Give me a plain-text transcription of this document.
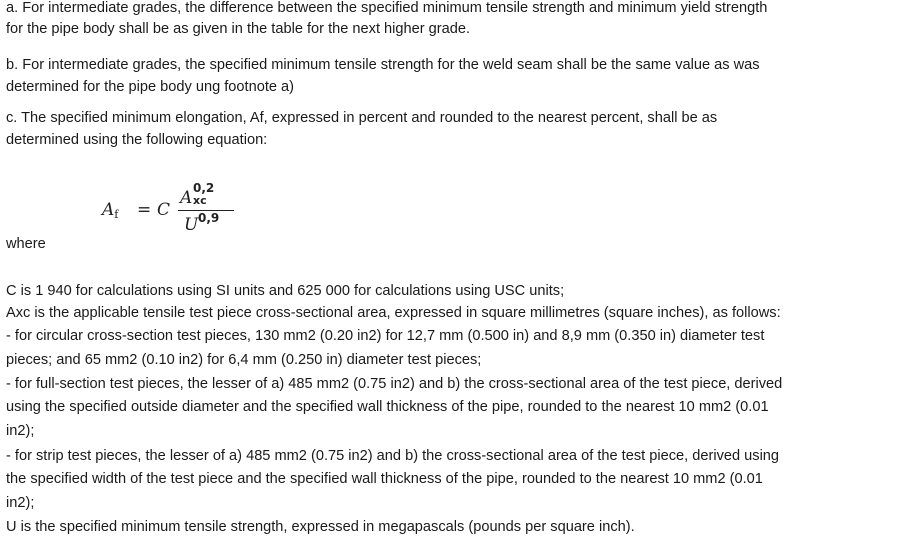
a. For intermediate grades, the difference between the specified minimum tensile strength and minimum yield strength
for the pipe body shall be as given in the table for the next higher grade.
b. For intermediate grades, the specified minimum tensile strength for the weld seam shall be the same value as was
determined for the pipe body ung footnote a)
c. The specified minimum elongation, Af, expressed in percent and rounded to the nearest percent, shall be as
determined using the following equation:
$A_f = C$
A 0,2
xc
U 0,9
where
C is 1 940 for calculations using SI units and 625 000 for calculations using USC units;
Axc is the applicable tensile test piece cross-sectional area, expressed in square millimetres (square inches), as follows:
- for circular cross-section test pieces, 130 mm2 (0.20 in2) for 12,7 mm (0.500 in) and 8,9 mm (0.350 in) diameter test
pieces; and 65 mm2 (0.10 in2) for 6,4 mm (0.250 in) diameter test pieces;
- for full-section test pieces, the lesser of a) 485 mm2 (0.75 in2) and b) the cross-sectional area of the test piece, derived
using the specified outside diameter and the specified wall thickness of the pipe, rounded to the nearest 10 mm2 (0.01
in2);
- for strip test pieces, the lesser of a) 485 mm2 (0.75 in2) and b) the cross-sectional area of the test piece, derived using
the specified width of the test piece and the specified wall thickness of the pipe, rounded to the nearest 10 mm2 (0.01
in2);
U is the specified minimum tensile strength, expressed in megapascals (pounds per square inch).
